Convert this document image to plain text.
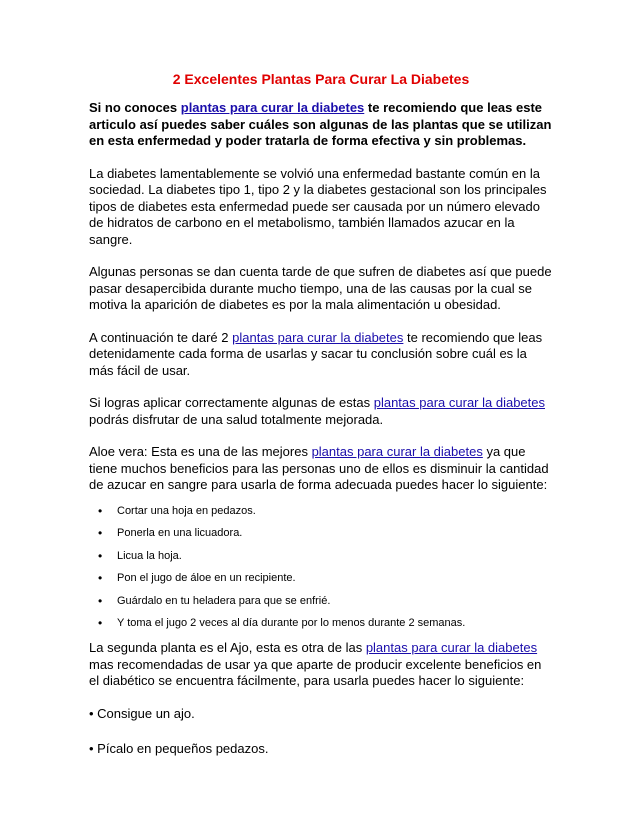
2 Excelentes Plantas Para Curar La Diabetes

Si no conoces plantas para curar la diabetes te recomiendo que leas este articulo así puedes saber cuáles son algunas de las plantas que se utilizan en esta enfermedad y poder tratarla de forma efectiva y sin problemas.

La diabetes lamentablemente se volvió una enfermedad bastante común en la sociedad. La diabetes tipo 1, tipo 2 y la diabetes gestacional son los principales tipos de diabetes esta enfermedad puede ser causada por un número elevado de hidratos de carbono en el metabolismo, también llamados azucar en la sangre.

Algunas personas se dan cuenta tarde de que sufren de diabetes así que puede pasar desapercibida durante mucho tiempo, una de las causas por la cual se motiva la aparición de diabetes es por la mala alimentación u obesidad.

A continuación te daré 2 plantas para curar la diabetes te recomiendo que leas detenidamente cada forma de usarlas y sacar tu conclusión sobre cuál es la más fácil de usar.

Si logras aplicar correctamente algunas de estas plantas para curar la diabetes podrás disfrutar de una salud totalmente mejorada.

Aloe vera: Esta es una de las mejores plantas para curar la diabetes ya que tiene muchos beneficios para las personas uno de ellos es disminuir la cantidad de azucar en sangre para usarla de forma adecuada puedes hacer lo siguiente:

• Cortar una hoja en pedazos.
• Ponerla en una licuadora.
• Licua la hoja.
• Pon el jugo de áloe en un recipiente.
• Guárdalo en tu heladera para que se enfrié.
• Y toma el jugo 2 veces al día durante por lo menos durante 2 semanas.

La segunda planta es el Ajo, esta es otra de las plantas para curar la diabetes mas recomendadas de usar ya que aparte de producir excelente beneficios en el diabético se encuentra fácilmente, para usarla puedes hacer lo siguiente:

• Consigue un ajo.

• Pícalo en pequeños pedazos.
